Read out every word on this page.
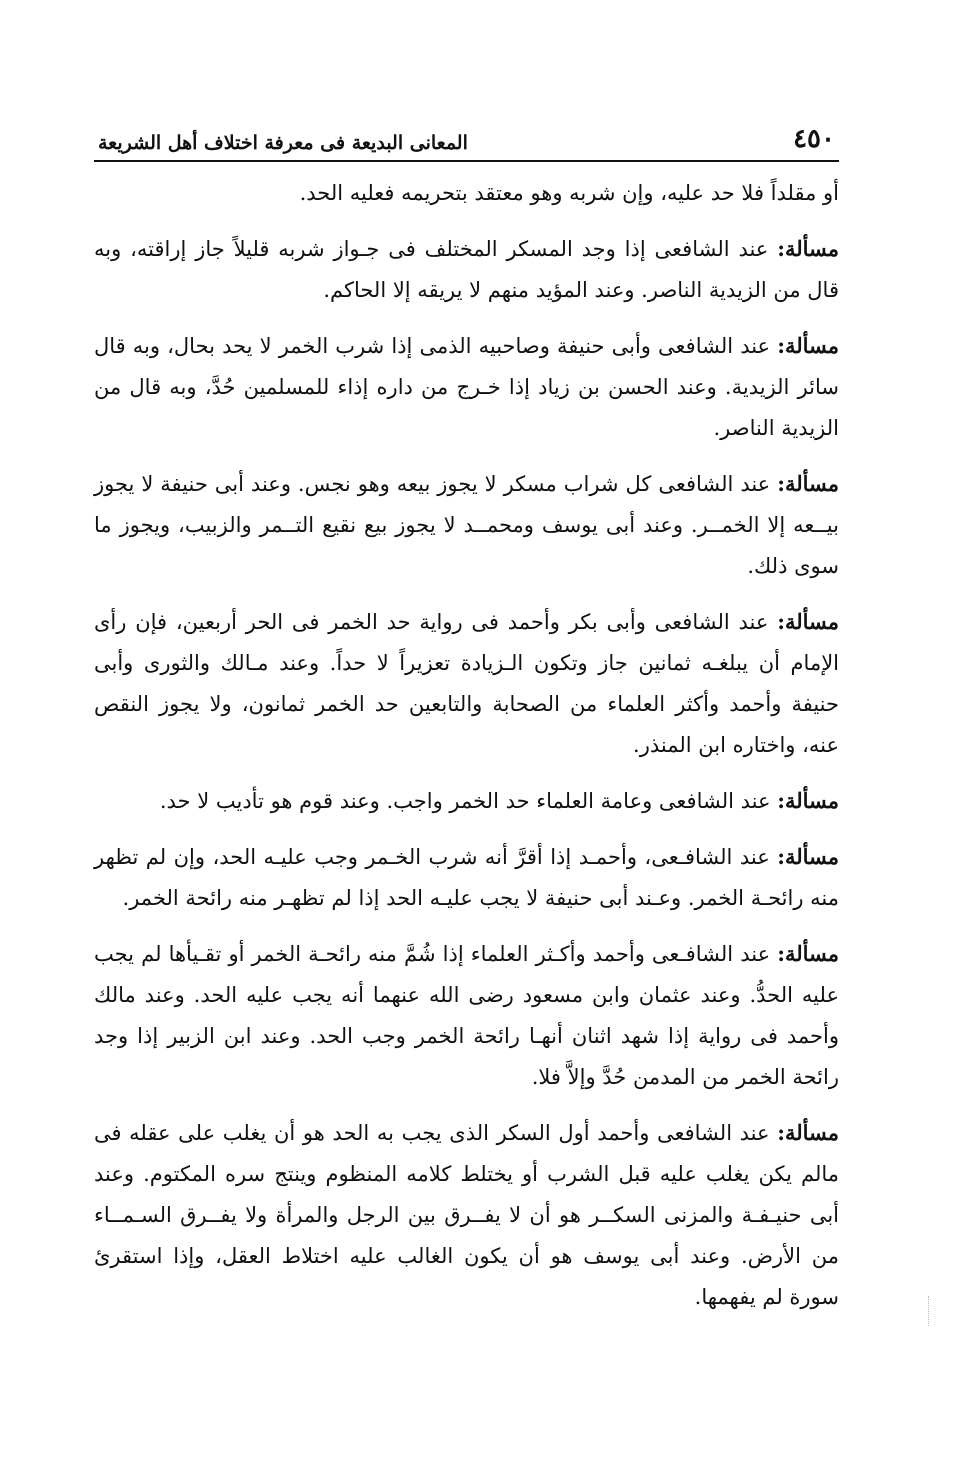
٤٥٠
المعانى البديعة فى معرفة اختلاف أهل الشريعة

أو مقلداً فلا حد عليه، وإن شربه وهو معتقد بتحريمه فعليه الحد.

مسألة: عند الشافعى إذا وجد المسكر المختلف فى جـواز شربه قليلاً جاز إراقته، وبه قال من الزيدية الناصر. وعند المؤيد منهم لا يريقه إلا الحاكم.

مسألة: عند الشافعى وأبى حنيفة وصاحبيه الذمى إذا شرب الخمر لا يحد بحال، وبه قال سائر الزيدية. وعند الحسن بن زياد إذا خـرج من داره إذاء للمسلمين حُدَّ، وبه قال من الزيدية الناصر.

مسألة: عند الشافعى كل شراب مسكر لا يجوز بيعه وهو نجس. وعند أبى حنيفة لا يجوز بيــعه إلا الخمــر. وعند أبى يوسف ومحمــد لا يجوز بيع نقيع التــمر والزبيب، ويجوز ما سوى ذلك.

مسألة: عند الشافعى وأبى بكر وأحمد فى رواية حد الخمر فى الحر أربعين، فإن رأى الإمام أن يبلغـه ثمانين جاز وتكون الـزيادة تعزيراً لا حداً. وعند مـالك والثورى وأبى حنيفة وأحمد وأكثر العلماء من الصحابة والتابعين حد الخمر ثمانون، ولا يجوز النقص عنه، واختاره ابن المنذر.

مسألة: عند الشافعى وعامة العلماء حد الخمر واجب. وعند قوم هو تأديب لا حد.

مسألة: عند الشافـعى، وأحمـد إذا أقرَّ أنه شرب الخـمر وجب عليـه الحد، وإن لم تظهر منه رائحـة الخمر. وعـند أبى حنيفة لا يجب عليـه الحد إذا لم تظهـر منه رائحة الخمر.

مسألة: عند الشافـعى وأحمد وأكـثر العلماء إذا شُمَّ منه رائحـة الخمر أو تقـيأها لم يجب عليه الحدُّ. وعند عثمان وابن مسعود رضى الله عنهما أنه يجب عليه الحد. وعند مالك وأحمد فى رواية إذا شهد اثنان أنهـا رائحة الخمر وجب الحد. وعند ابن الزبير إذا وجد رائحة الخمر من المدمن حُدَّ وإلاَّ فلا.

مسألة: عند الشافعى وأحمد أول السكر الذى يجب به الحد هو أن يغلب على عقله فى مالم يكن يغلب عليه قبل الشرب أو يختلط كلامه المنظوم وينتج سره المكتوم. وعند أبى حنيـفـة والمزنى السكــر هو أن لا يفــرق بين الرجل والمرأة ولا يفــرق السـمــاء من الأرض. وعند أبى يوسف هو أن يكون الغالب عليه اختلاط العقل، وإذا استقرئ سورة لم يفهمها.
